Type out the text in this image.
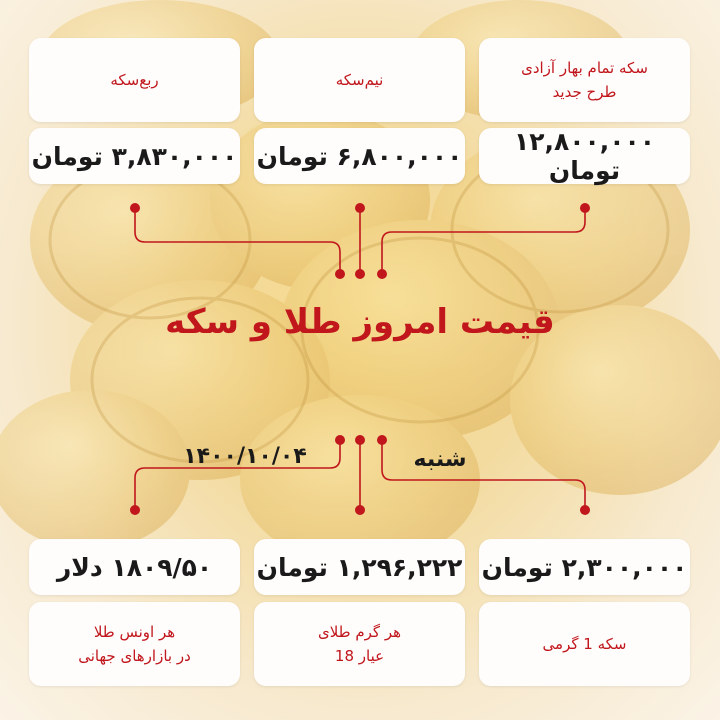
سکه تمام بهار آزادی
طرح جدید
نیم‌سکه
ربع‌سکه
۱۲,۸۰۰,۰۰۰ تومان
۶,۸۰۰,۰۰۰ تومان
۳,۸۳۰,۰۰۰ تومان
قیمت امروز طلا و سکه
۱۴۰۰/۱۰/۰۴	شنبه
۲,۳۰۰,۰۰۰ تومان
۱,۲۹۶,۲۲۲ تومان
۱۸۰۹/۵۰ دلار
سکه 1 گرمی
هر گرم طلای
عیار 18
هر اونس طلا
در بازارهای جهانی
